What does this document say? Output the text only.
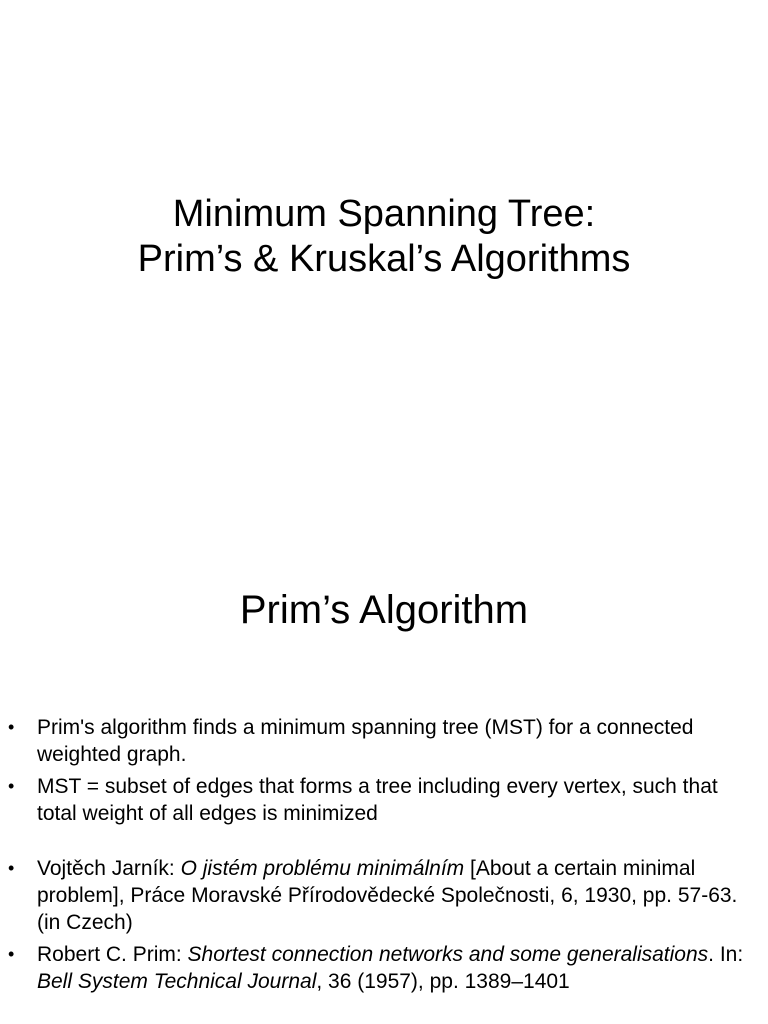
Minimum Spanning Tree:
Prim’s & Kruskal’s Algorithms
Prim’s Algorithm
• Prim's algorithm finds a minimum spanning tree (MST) for a connected weighted graph.
• MST = subset of edges that forms a tree including every vertex, such that total weight of all edges is minimized
• Vojtěch Jarník: O jistém problému minimálním [About a certain minimal problem], Práce Moravské Přírodovědecké Společnosti, 6, 1930, pp. 57-63. (in Czech)
• Robert C. Prim: Shortest connection networks and some generalisations. In: Bell System Technical Journal, 36 (1957), pp. 1389–1401
